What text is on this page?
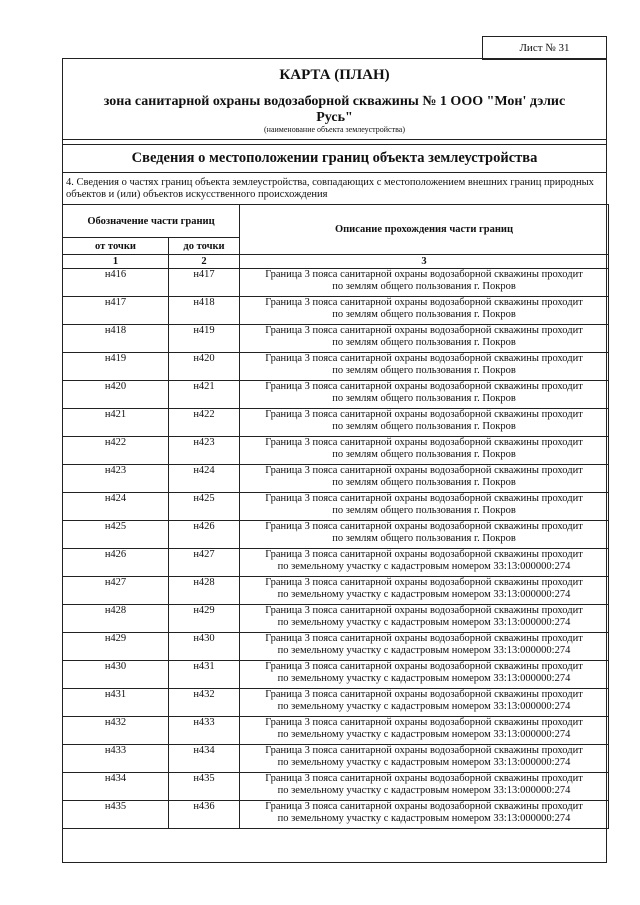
Лист № 31
КАРТА (ПЛАН)
зона санитарной охраны водозаборной скважины № 1 ООО "Мон' дэлис Русь"
(наименование объекта землеустройства)
Сведения о местоположении границ объекта землеустройства
4. Сведения о частях границ объекта землеустройства, совпадающих с местоположением внешних границ природных объектов и (или) объектов искусственного происхождения
Обозначение части границ		Описание прохождения части границ
от точки	до точки	
1	2	3
н416	н417	Граница 3 пояса санитарной охраны водозаборной скважины проходит
по землям общего пользования г. Покров

н417	н418	Граница 3 пояса санитарной охраны водозаборной скважины проходит
по землям общего пользования г. Покров

н418	н419	Граница 3 пояса санитарной охраны водозаборной скважины проходит
по землям общего пользования г. Покров

н419	н420	Граница 3 пояса санитарной охраны водозаборной скважины проходит
по землям общего пользования г. Покров

н420	н421	Граница 3 пояса санитарной охраны водозаборной скважины проходит
по землям общего пользования г. Покров

н421	н422	Граница 3 пояса санитарной охраны водозаборной скважины проходит
по землям общего пользования г. Покров

н422	н423	Граница 3 пояса санитарной охраны водозаборной скважины проходит
по землям общего пользования г. Покров

н423	н424	Граница 3 пояса санитарной охраны водозаборной скважины проходит
по землям общего пользования г. Покров

н424	н425	Граница 3 пояса санитарной охраны водозаборной скважины проходит
по землям общего пользования г. Покров

н425	н426	Граница 3 пояса санитарной охраны водозаборной скважины проходит
по землям общего пользования г. Покров

н426	н427	Граница 3 пояса санитарной охраны водозаборной скважины проходит
по земельному участку с кадастровым номером 33:13:000000:274

н427	н428	Граница 3 пояса санитарной охраны водозаборной скважины проходит
по земельному участку с кадастровым номером 33:13:000000:274

н428	н429	Граница 3 пояса санитарной охраны водозаборной скважины проходит
по земельному участку с кадастровым номером 33:13:000000:274

н429	н430	Граница 3 пояса санитарной охраны водозаборной скважины проходит
по земельному участку с кадастровым номером 33:13:000000:274

н430	н431	Граница 3 пояса санитарной охраны водозаборной скважины проходит
по земельному участку с кадастровым номером 33:13:000000:274

н431	н432	Граница 3 пояса санитарной охраны водозаборной скважины проходит
по земельному участку с кадастровым номером 33:13:000000:274

н432	н433	Граница 3 пояса санитарной охраны водозаборной скважины проходит
по земельному участку с кадастровым номером 33:13:000000:274

н433	н434	Граница 3 пояса санитарной охраны водозаборной скважины проходит
по земельному участку с кадастровым номером 33:13:000000:274

н434	н435	Граница 3 пояса санитарной охраны водозаборной скважины проходит
по земельному участку с кадастровым номером 33:13:000000:274

н435	н436	Граница 3 пояса санитарной охраны водозаборной скважины проходит
по земельному участку с кадастровым номером 33:13:000000:274
